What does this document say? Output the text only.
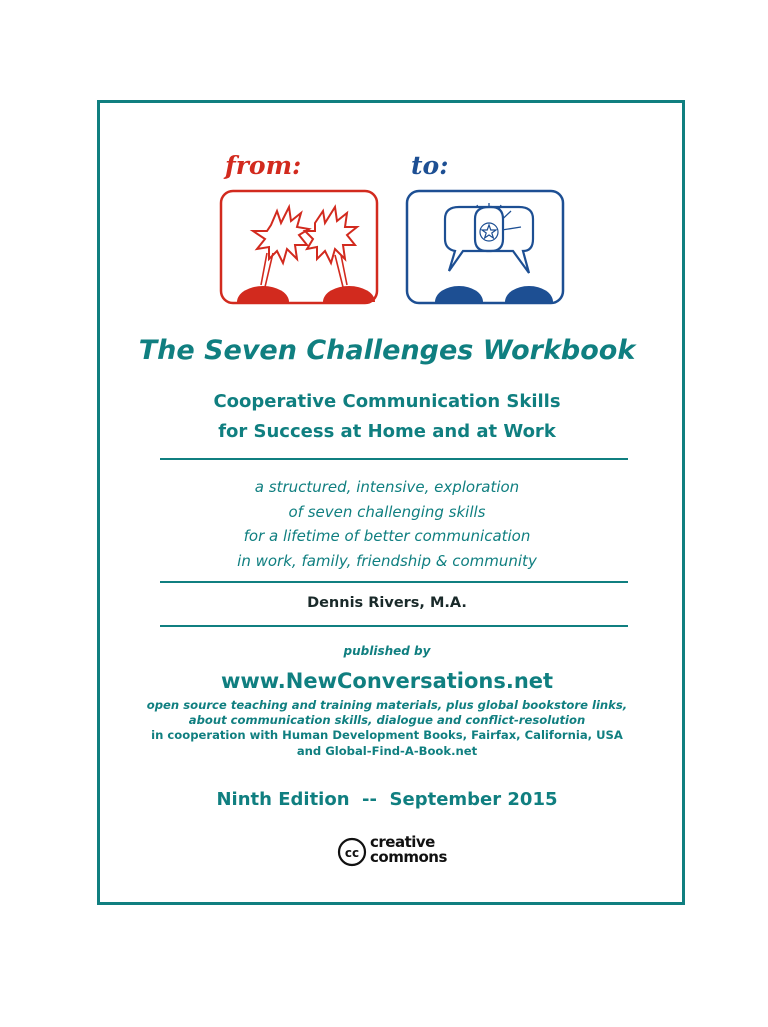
from:	to:
The Seven Challenges Workbook
Cooperative Communication Skills
for Success at Home and at Work
a structured, intensive, exploration
of seven challenging skills
for a lifetime of better communication
in work, family, friendship & community
Dennis Rivers, M.A.
published by
www.NewConversations.net
open source teaching and training materials, plus global bookstore links,
about communication skills, dialogue and conflict-resolution
in cooperation with Human Development Books, Fairfax, California, USA
and Global-Find-A-Book.net
Ninth Edition  --  September 2015
cc
creative
commons
